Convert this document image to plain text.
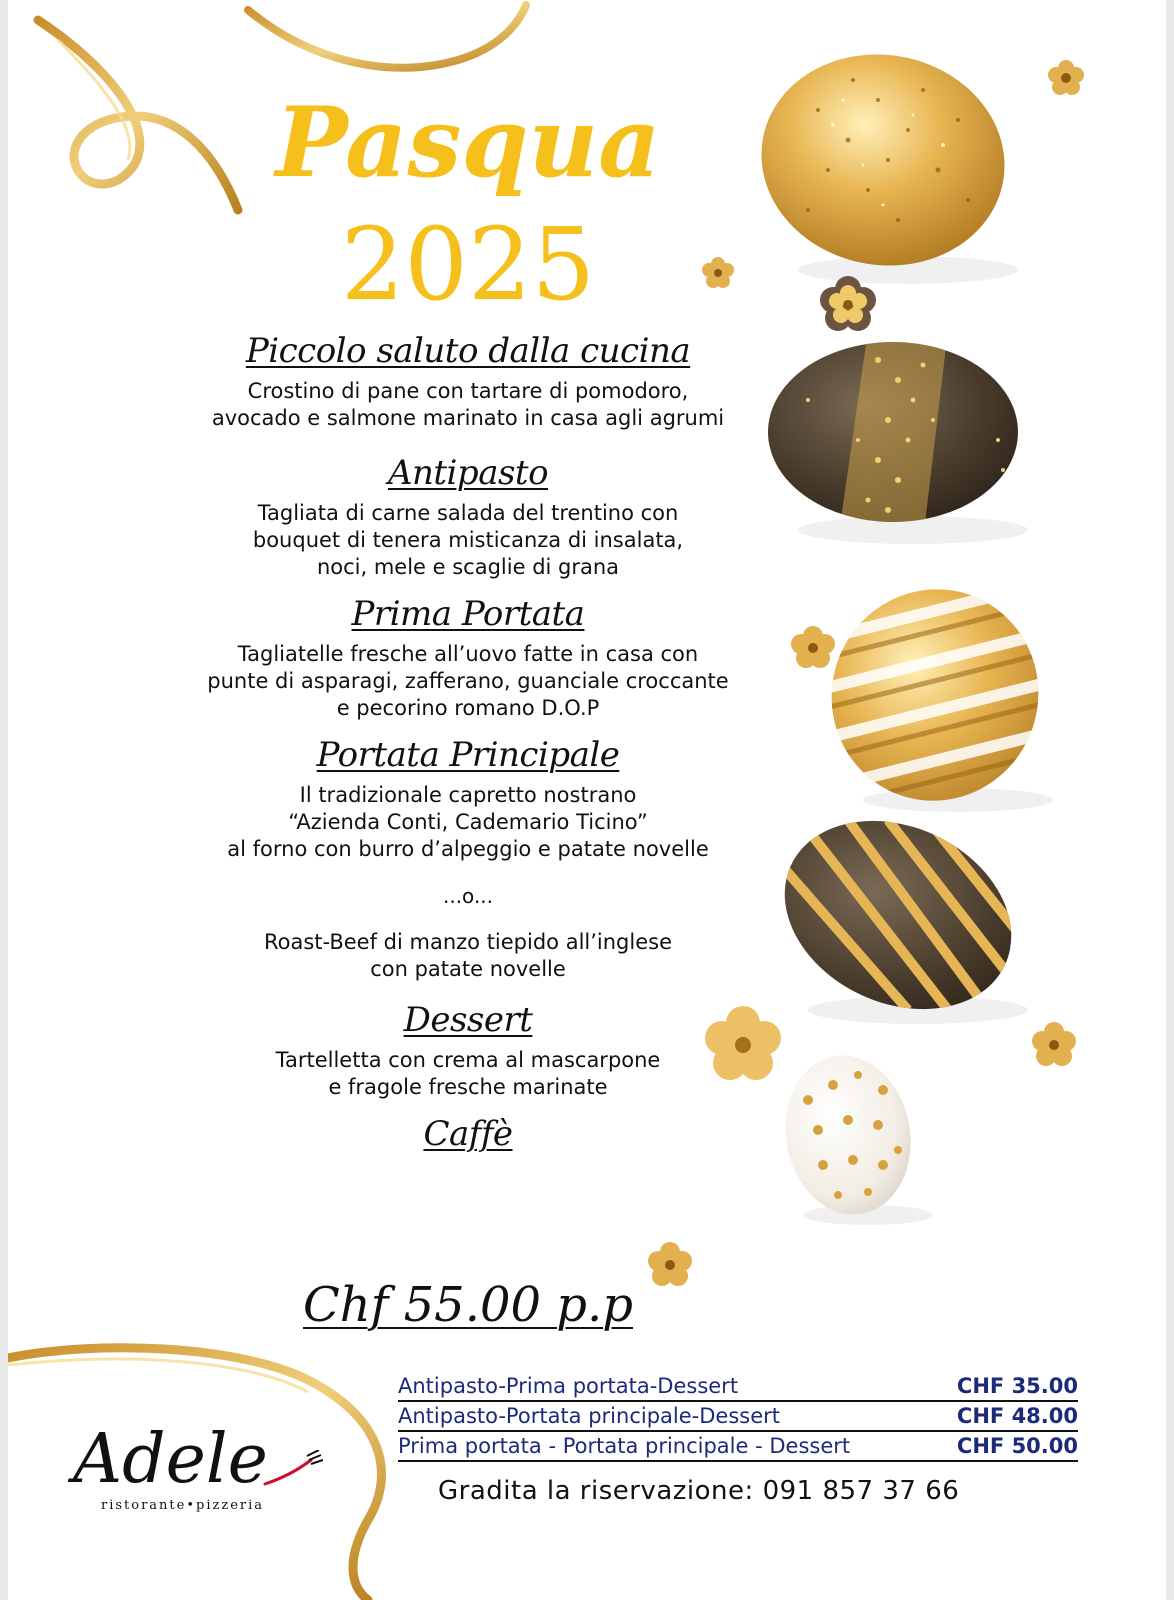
Pasqua
2025
Piccolo saluto dalla cucina

Crostino di pane con tartare di pomodoro,
avocado e salmone marinato in casa agli agrumi

Antipasto

Tagliata di carne salada del trentino con
bouquet di tenera misticanza di insalata,
noci, mele e scaglie di grana

Prima Portata

Tagliatelle fresche all’uovo fatte in casa con
punte di asparagi, zafferano, guanciale croccante
e pecorino romano D.O.P

Portata Principale

Il tradizionale capretto nostrano
“Azienda Conti, Cademario Ticino”
al forno con burro d’alpeggio e patate novelle

...o...

Roast-Beef di manzo tiepido all’inglese
con patate novelle

Dessert

Tartelletta con crema al mascarpone
e fragole fresche marinate

Caffè

Chf 55.00 p.p

Antipasto-Prima portata-Dessert	CHF 35.00
Antipasto-Portata principale-Dessert	CHF 48.00
Prima portata - Portata principale - Dessert	CHF 50.00

Gradita la riservazione: 091 857 37 66

Adele
ristorante•pizzeria
